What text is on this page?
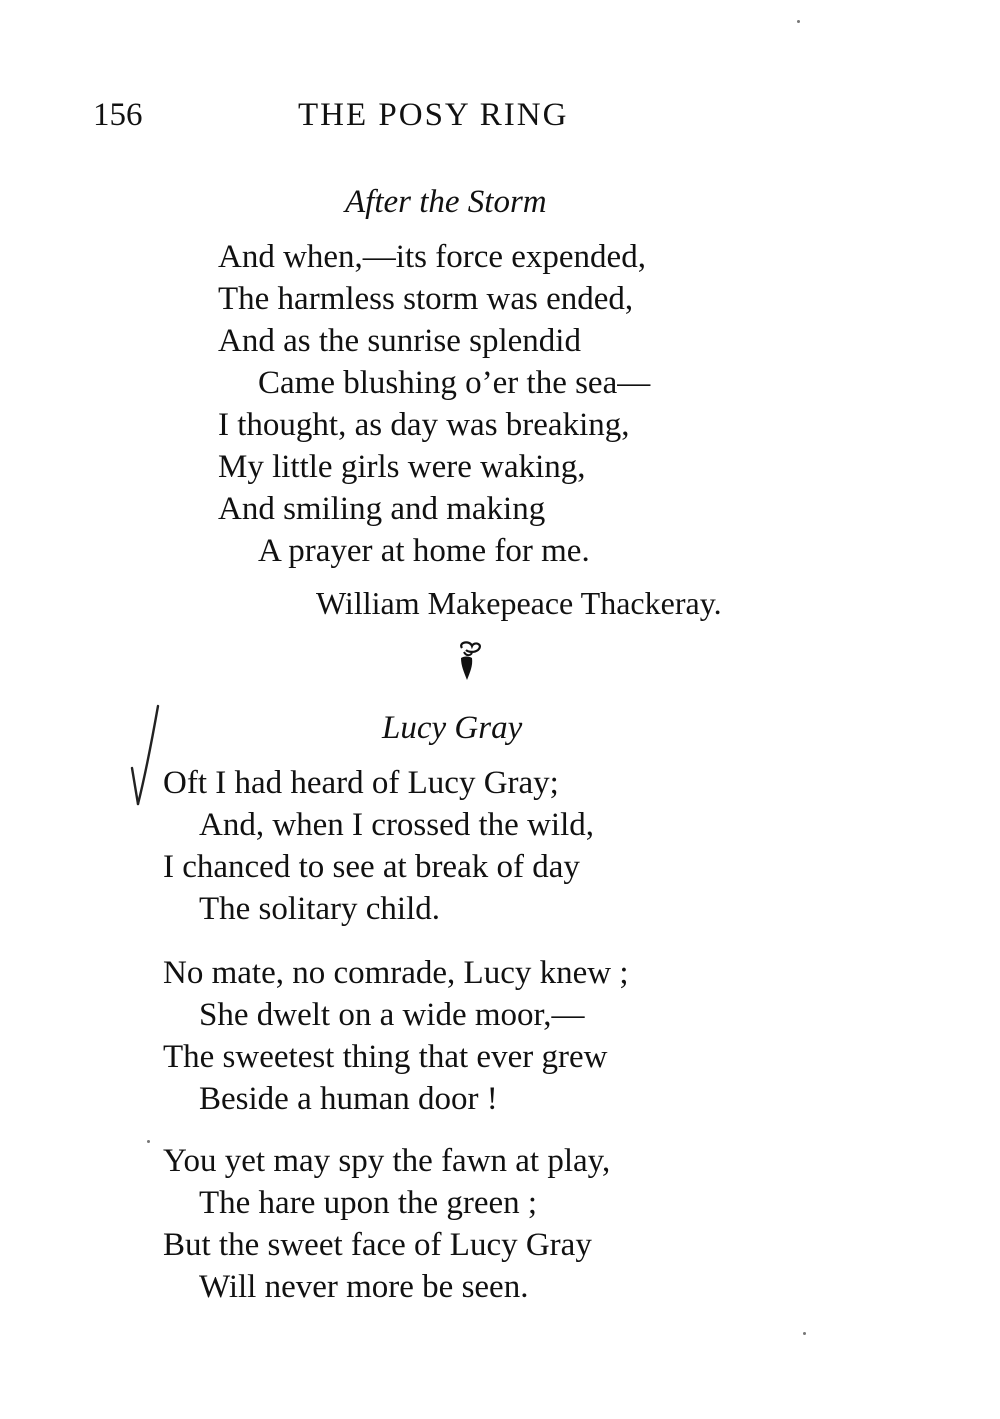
156	THE POSY RING
After the Storm
And when,—its force expended,
The harmless storm was ended,
And as the sunrise splendid
Came blushing o’er the sea—
I thought, as day was breaking,
My little girls were waking,
And smiling and making
A prayer at home for me.
William Makepeace Thackeray.
Lucy Gray
Oft I had heard of Lucy Gray;
And, when I crossed the wild,
I chanced to see at break of day
The solitary child.
No mate, no comrade, Lucy knew ;
She dwelt on a wide moor,—
The sweetest thing that ever grew
Beside a human door !
You yet may spy the fawn at play,
The hare upon the green ;
But the sweet face of Lucy Gray
Will never more be seen.
